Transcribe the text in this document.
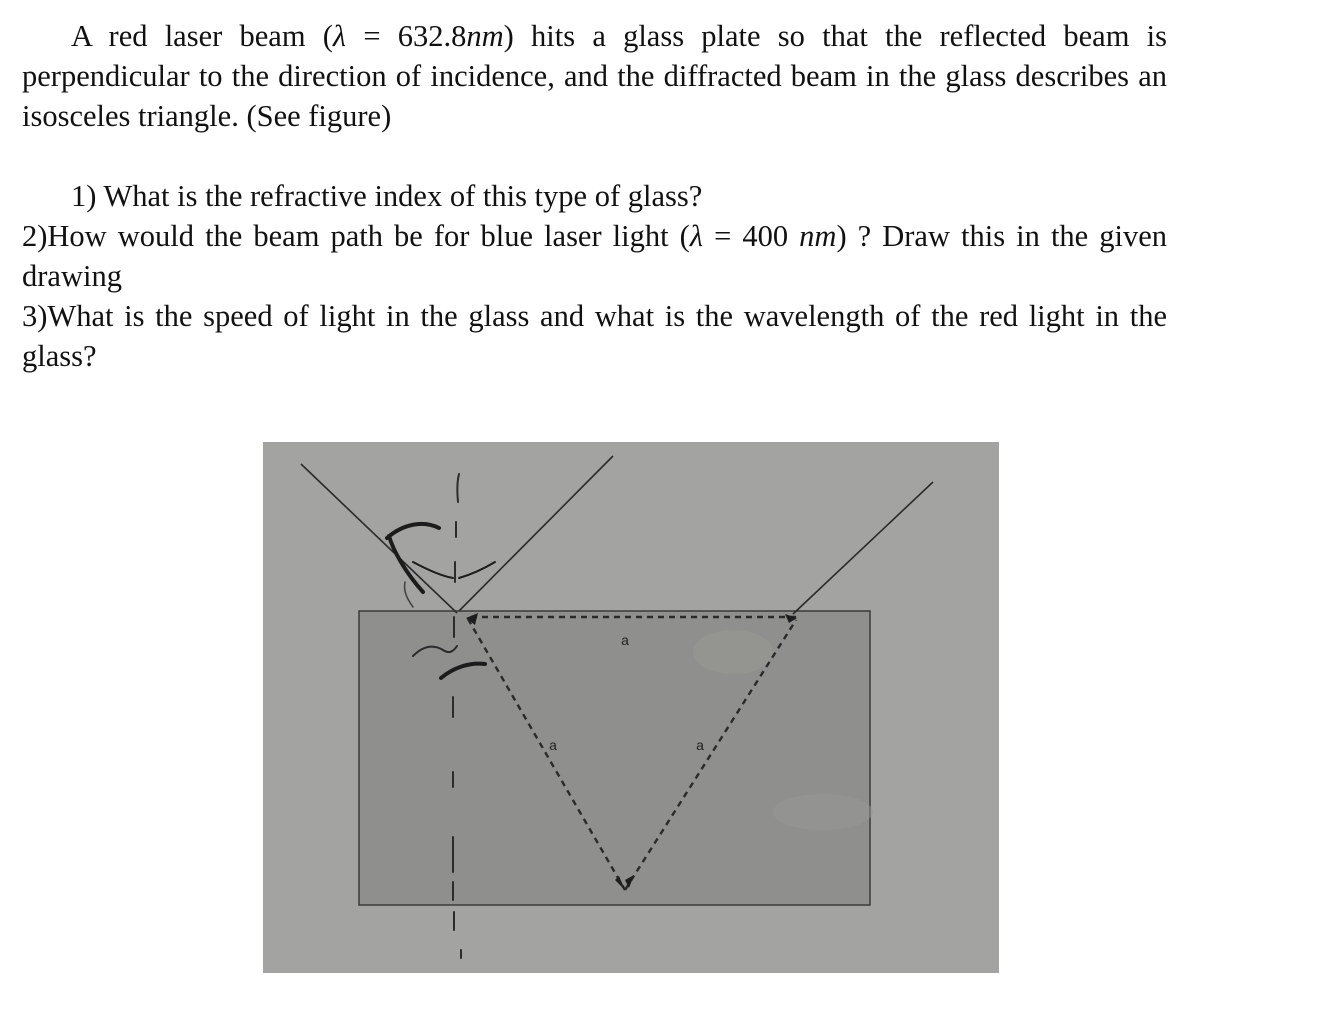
A red laser beam (λ = 632.8nm) hits a glass plate so that the reflected beam is perpendicular to the direction of incidence, and the diffracted beam in the glass describes an isosceles triangle. (See figure)

1) What is the refractive index of this type of glass?

2)How would the beam path be for blue laser light (λ = 400 nm) ? Draw this in the given drawing

3)What is the speed of light in the glass and what is the wavelength of the red light in the glass?

a
a	a
